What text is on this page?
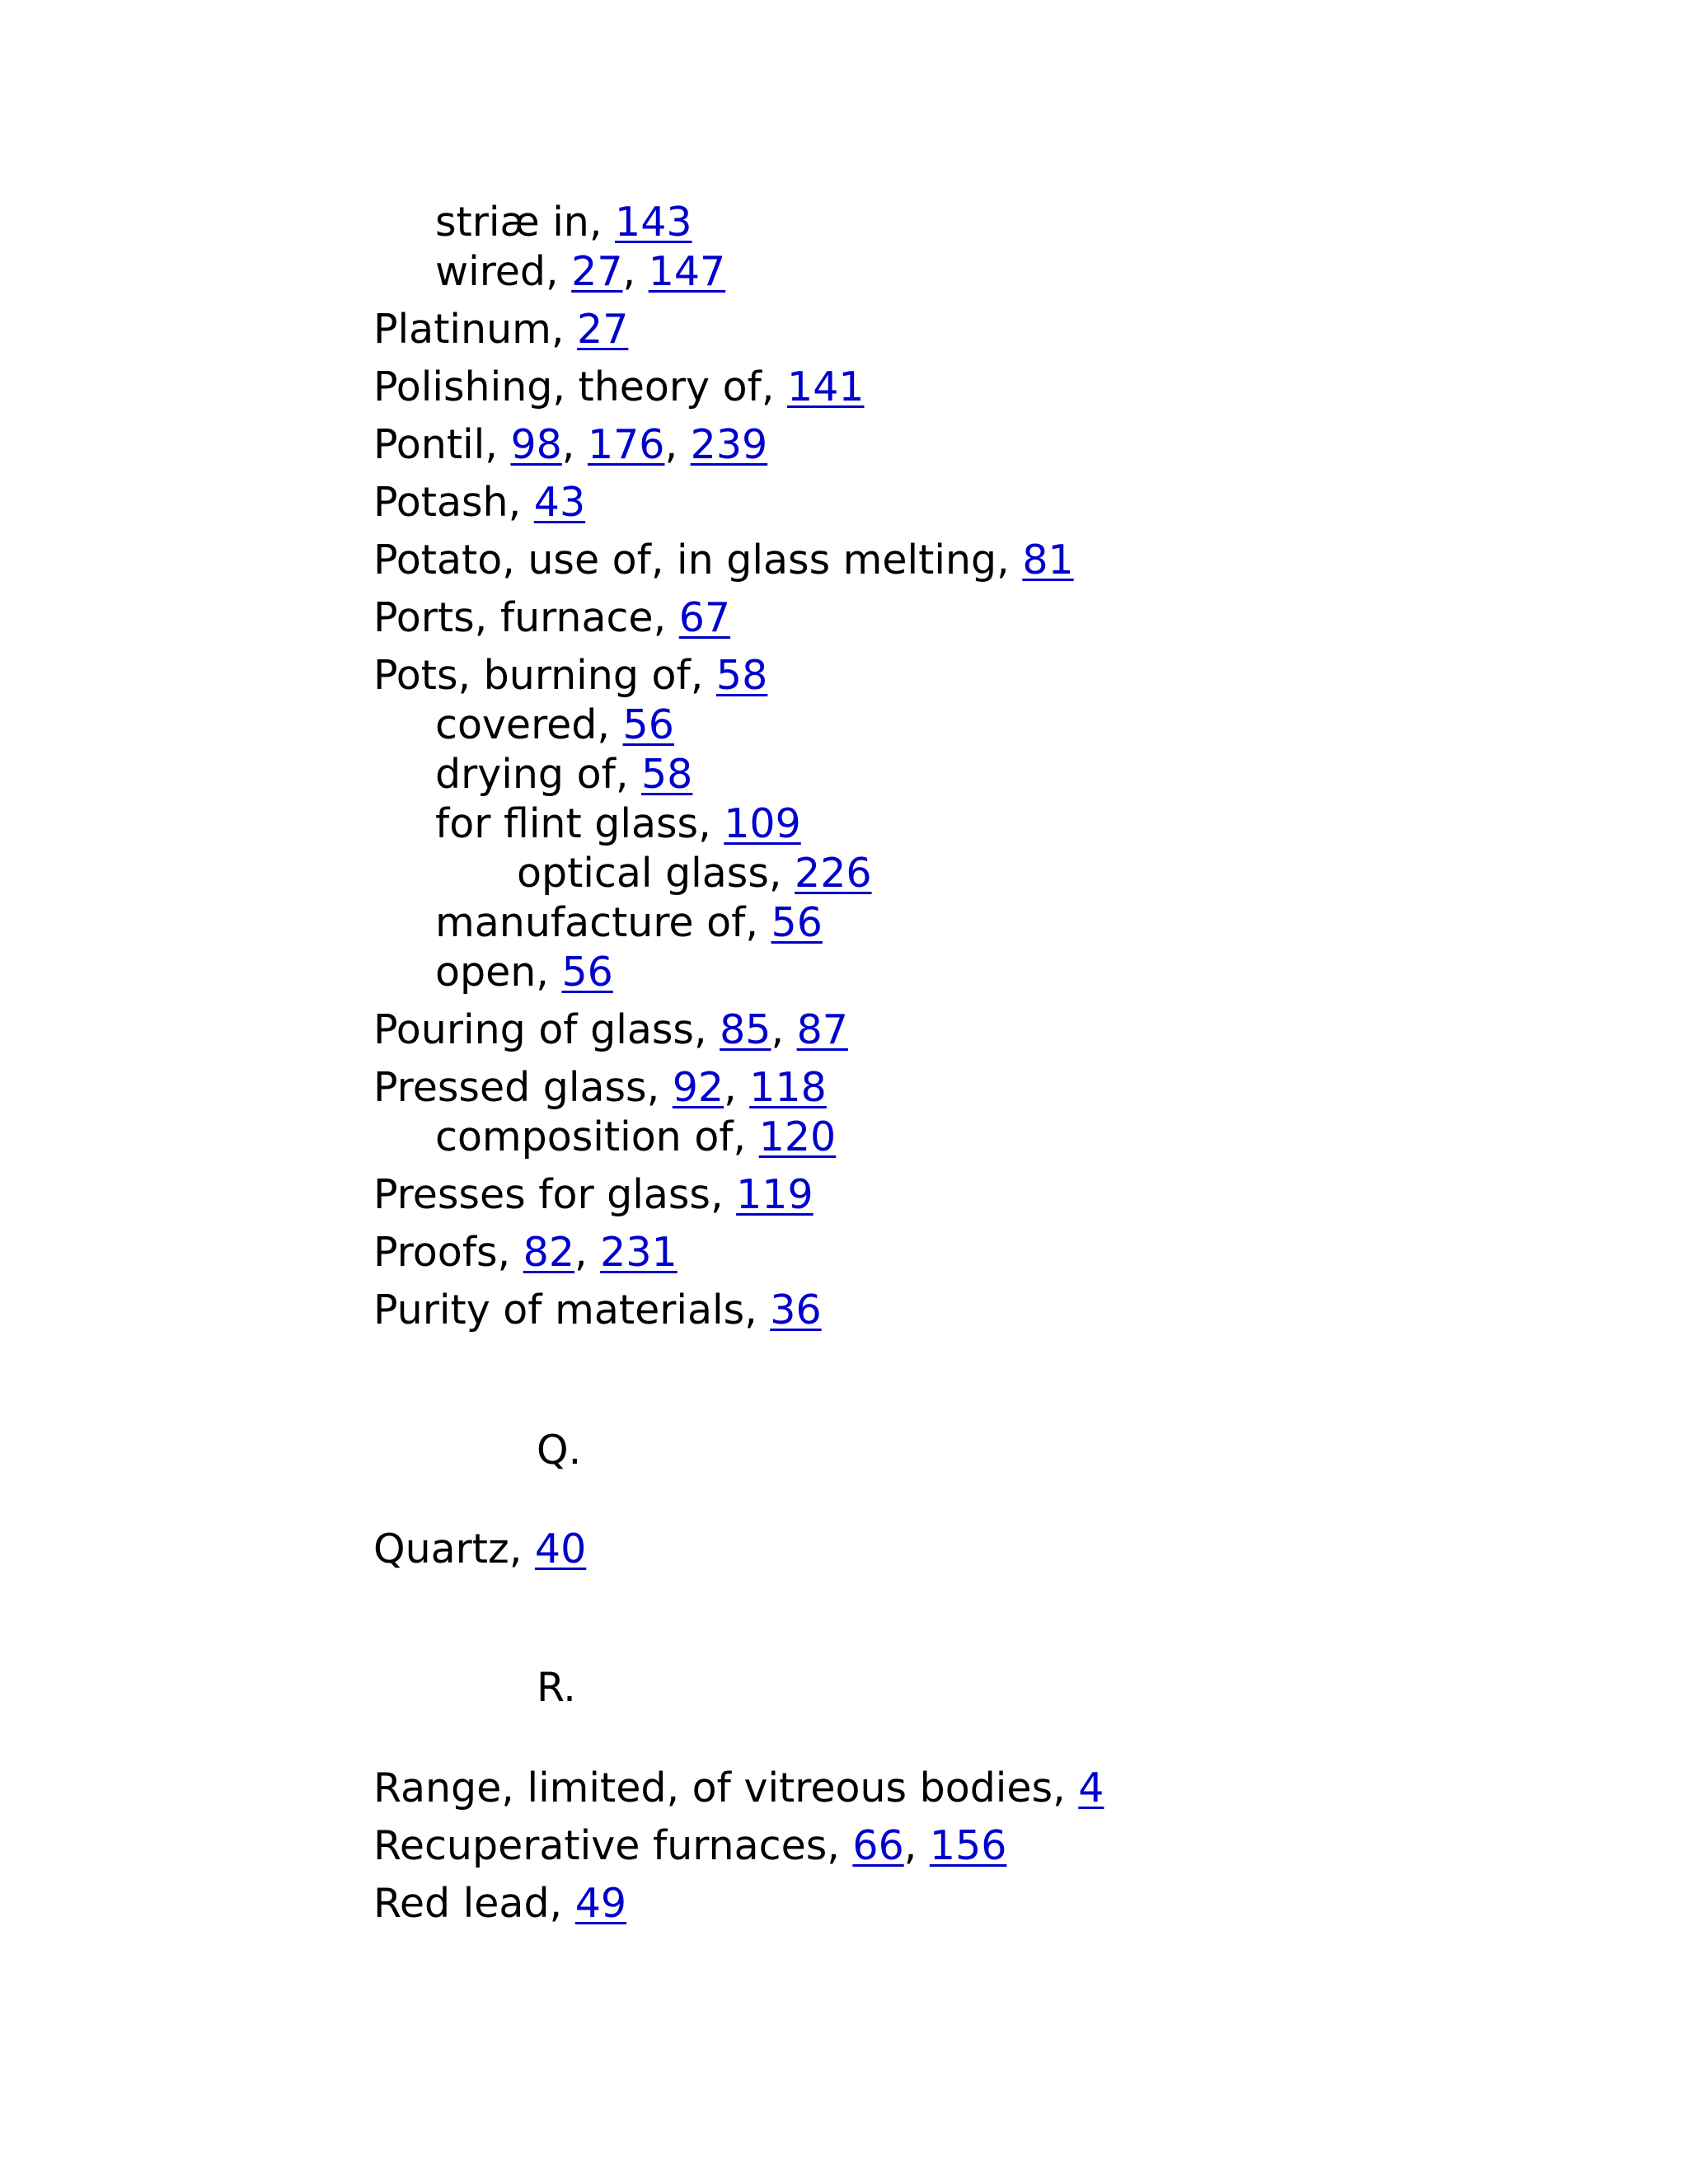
striæ in, 143
wired, 27, 147
Platinum, 27
Polishing, theory of, 141
Pontil, 98, 176, 239
Potash, 43
Potato, use of, in glass melting, 81
Ports, furnace, 67
Pots, burning of, 58
covered, 56
drying of, 58
for flint glass, 109
optical glass, 226
manufacture of, 56
open, 56
Pouring of glass, 85, 87
Pressed glass, 92, 118
composition of, 120
Presses for glass, 119
Proofs, 82, 231
Purity of materials, 36
Q.
Quartz, 40
R.
Range, limited, of vitreous bodies, 4
Recuperative furnaces, 66, 156
Red lead, 49
